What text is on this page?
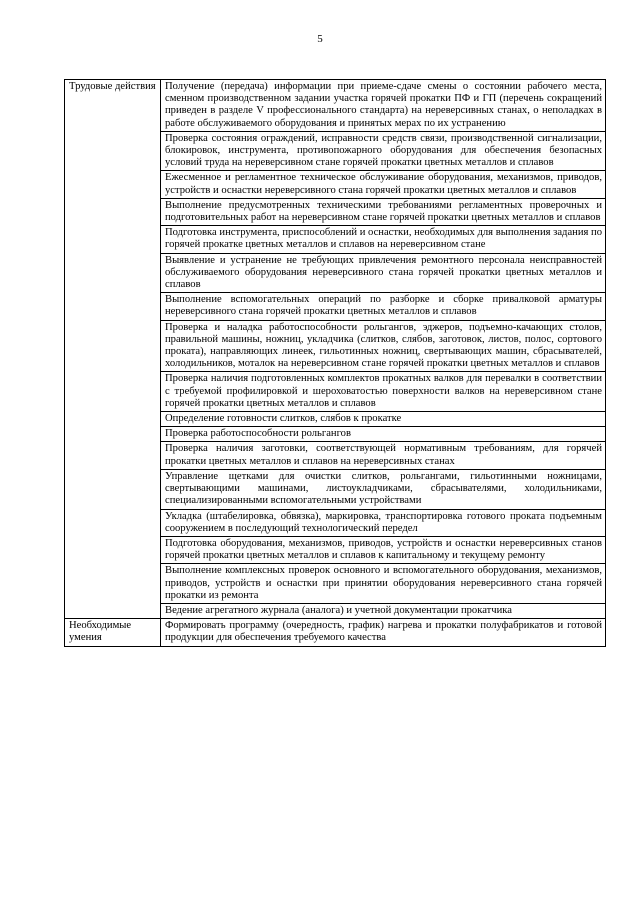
5
Трудовые действия	Получение (передача) информации при приеме-сдаче смены о состоянии рабочего места, сменном производственном задании участка горячей прокатки ПФ и ГП (перечень сокращений приведен в разделе V профессионального стандарта) на нереверсивных станах, о неполадках в работе обслуживаемого оборудования и принятых мерах по их устранению
	Проверка состояния ограждений, исправности средств связи, производственной сигнализации, блокировок, инструмента, противопожарного оборудования для обеспечения безопасных условий труда на нереверсивном стане горячей прокатки цветных металлов и сплавов
	Ежесменное и регламентное техническое обслуживание оборудования, механизмов, приводов, устройств и оснастки нереверсивного стана горячей прокатки цветных металлов и сплавов
	Выполнение предусмотренных техническими требованиями регламентных проверочных и подготовительных работ на нереверсивном стане горячей прокатки цветных металлов и сплавов
	Подготовка инструмента, приспособлений и оснастки, необходимых для выполнения задания по горячей прокатке цветных металлов и сплавов на нереверсивном стане
	Выявление и устранение не требующих привлечения ремонтного персонала неисправностей обслуживаемого оборудования нереверсивного стана горячей прокатки цветных металлов и сплавов
	Выполнение вспомогательных операций по разборке и сборке привалковой арматуры нереверсивного стана горячей прокатки цветных металлов и сплавов
	Проверка и наладка работоспособности рольгангов, эджеров, подъемно-качающих столов, правильной машины, ножниц, укладчика (слитков, слябов, заготовок, листов, полос, сортового проката), направляющих линеек, гильотинных ножниц, свертывающих машин, сбрасывателей, холодильников, моталок на нереверсивном стане горячей прокатки цветных металлов и сплавов
	Проверка наличия подготовленных комплектов прокатных валков для перевалки в соответствии с требуемой профилировкой и шероховатостью поверхности валков на нереверсивном стане горячей прокатки цветных металлов и сплавов
	Определение готовности слитков, слябов к прокатке
	Проверка работоспособности рольгангов
	Проверка наличия заготовки, соответствующей нормативным требованиям, для горячей прокатки цветных металлов и сплавов на нереверсивных станах
	Управление щетками для очистки слитков, рольгангами, гильотинными ножницами, свертывающими машинами, листоукладчиками, сбрасывателями, холодильниками, специализированными вспомогательными устройствами
	Укладка (штабелировка, обвязка), маркировка, транспортировка готового проката подъемным сооружением в последующий технологический передел
	Подготовка оборудования, механизмов, приводов, устройств и оснастки нереверсивных станов горячей прокатки цветных металлов и сплавов к капитальному и текущему ремонту
	Выполнение комплексных проверок основного и вспомогательного оборудования, механизмов, приводов, устройств и оснастки при принятии оборудования нереверсивного стана горячей прокатки из ремонта
	Ведение агрегатного журнала (аналога) и учетной документации прокатчика
Необходимые умения	Формировать программу (очередность, график) нагрева и прокатки полуфабрикатов и готовой продукции для обеспечения требуемого качества
